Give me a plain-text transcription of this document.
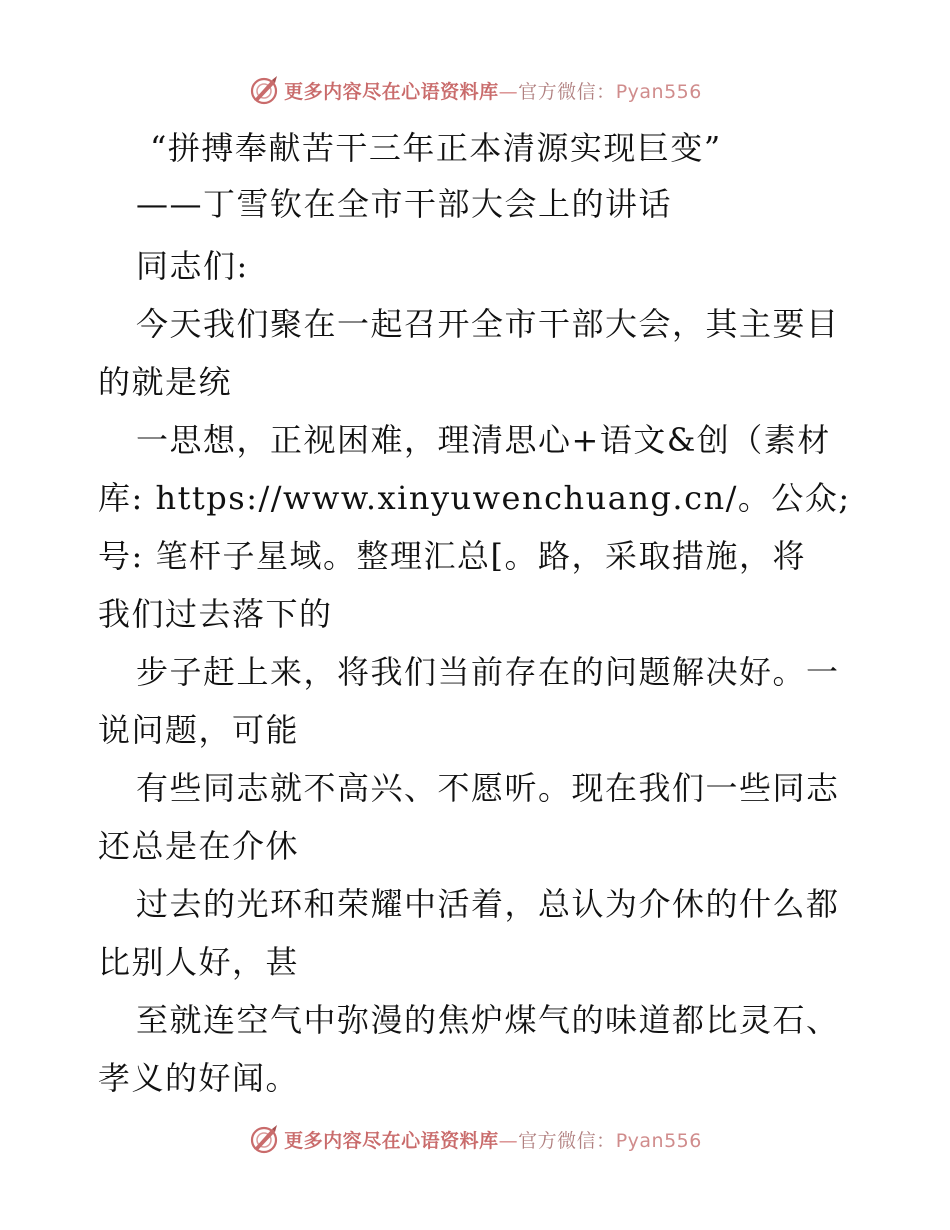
更多内容尽在心语资料库—官方微信：Pyan556
“拼搏奉献苦干三年正本清源实现巨变”
——丁雪钦在全市干部大会上的讲话
同志们:
今天我们聚在一起召开全市干部大会，其主要目
的就是统
一思想，正视困难，理清思心+语文&创（素材
库: https://www.xinyuwenchuang.cn/。公众;
号: 笔杆子星域。整理汇总[。路，采取措施，将
我们过去落下的
步子赶上来，将我们当前存在的问题解决好。一
说问题，可能
有些同志就不高兴、不愿听。现在我们一些同志
还总是在介休
过去的光环和荣耀中活着，总认为介休的什么都
比别人好，甚
至就连空气中弥漫的焦炉煤气的味道都比灵石、
孝义的好闻。
更多内容尽在心语资料库—官方微信：Pyan556
